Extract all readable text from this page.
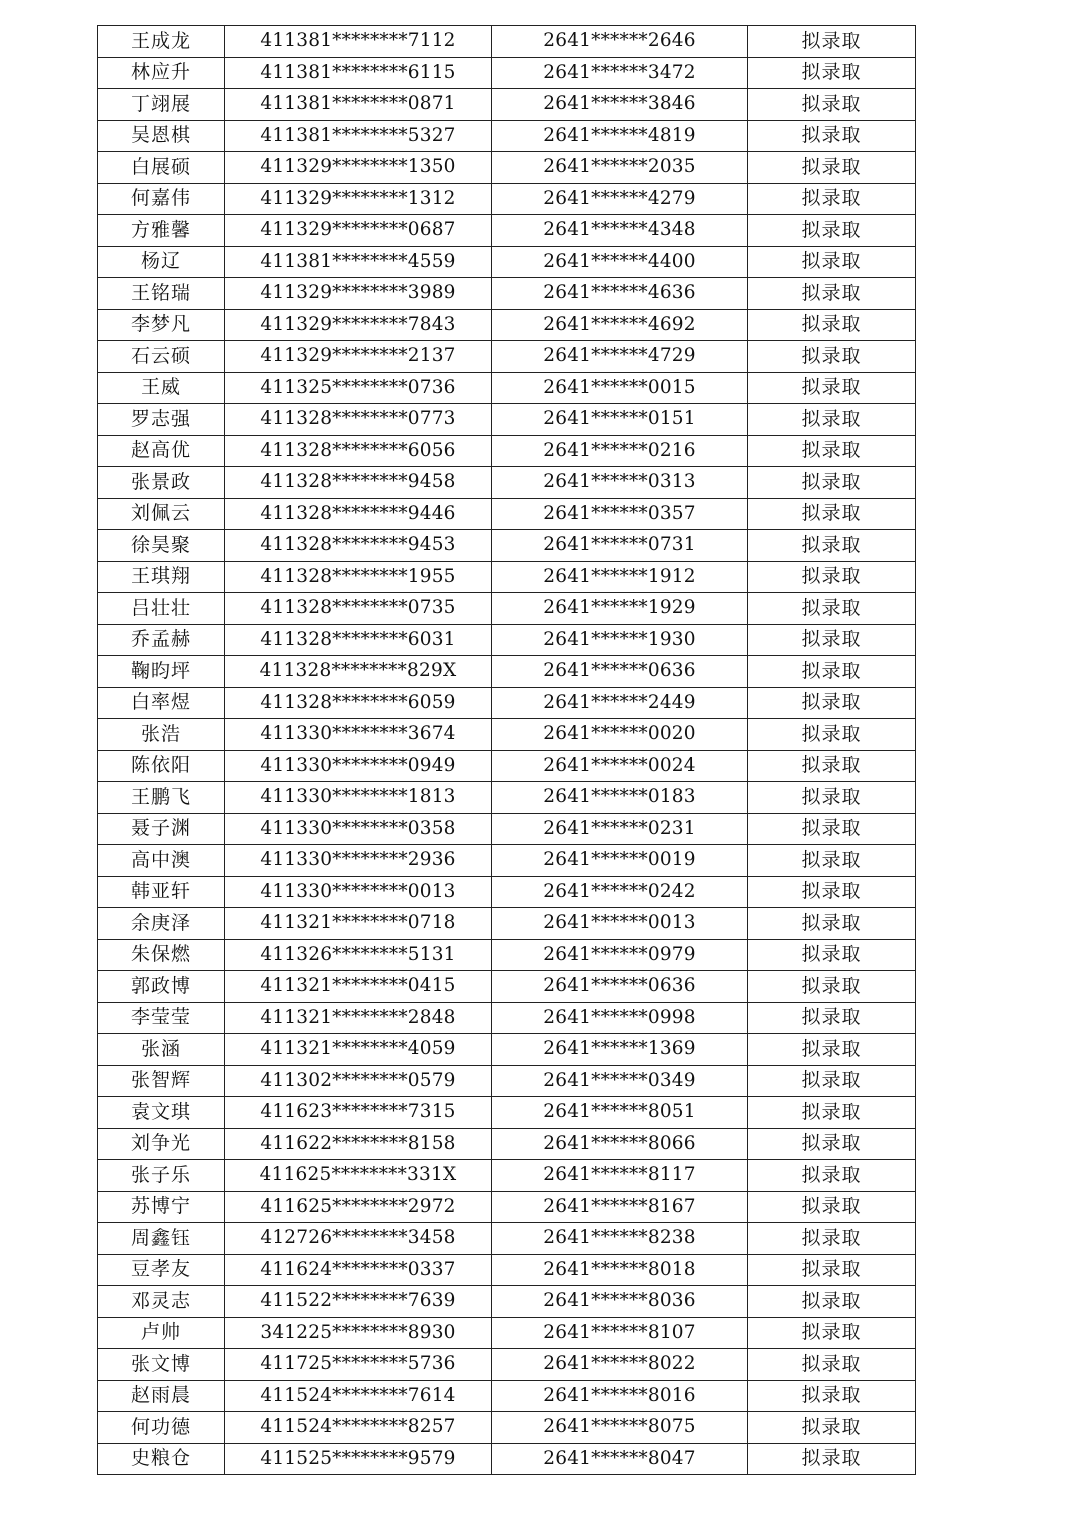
王成龙	411381********7112	2641******2646	拟录取
林应升	411381********6115	2641******3472	拟录取
丁翊展	411381********0871	2641******3846	拟录取
吴恩棋	411381********5327	2641******4819	拟录取
白展硕	411329********1350	2641******2035	拟录取
何嘉伟	411329********1312	2641******4279	拟录取
方雅馨	411329********0687	2641******4348	拟录取
杨辽	411381********4559	2641******4400	拟录取
王铭瑞	411329********3989	2641******4636	拟录取
李梦凡	411329********7843	2641******4692	拟录取
石云硕	411329********2137	2641******4729	拟录取
王威	411325********0736	2641******0015	拟录取
罗志强	411328********0773	2641******0151	拟录取
赵高优	411328********6056	2641******0216	拟录取
张景政	411328********9458	2641******0313	拟录取
刘佩云	411328********9446	2641******0357	拟录取
徐昊聚	411328********9453	2641******0731	拟录取
王琪翔	411328********1955	2641******1912	拟录取
吕壮壮	411328********0735	2641******1929	拟录取
乔孟赫	411328********6031	2641******1930	拟录取
鞠昀坪	411328********829X	2641******0636	拟录取
白率煜	411328********6059	2641******2449	拟录取
张浩	411330********3674	2641******0020	拟录取
陈依阳	411330********0949	2641******0024	拟录取
王鹏飞	411330********1813	2641******0183	拟录取
聂子渊	411330********0358	2641******0231	拟录取
高中澳	411330********2936	2641******0019	拟录取
韩亚轩	411330********0013	2641******0242	拟录取
余庚泽	411321********0718	2641******0013	拟录取
朱保燃	411326********5131	2641******0979	拟录取
郭政博	411321********0415	2641******0636	拟录取
李莹莹	411321********2848	2641******0998	拟录取
张涵	411321********4059	2641******1369	拟录取
张智辉	411302********0579	2641******0349	拟录取
袁文琪	411623********7315	2641******8051	拟录取
刘争光	411622********8158	2641******8066	拟录取
张子乐	411625********331X	2641******8117	拟录取
苏博宁	411625********2972	2641******8167	拟录取
周鑫钰	412726********3458	2641******8238	拟录取
豆孝友	411624********0337	2641******8018	拟录取
邓灵志	411522********7639	2641******8036	拟录取
卢帅	341225********8930	2641******8107	拟录取
张文博	411725********5736	2641******8022	拟录取
赵雨晨	411524********7614	2641******8016	拟录取
何功德	411524********8257	2641******8075	拟录取
史粮仓	411525********9579	2641******8047	拟录取
